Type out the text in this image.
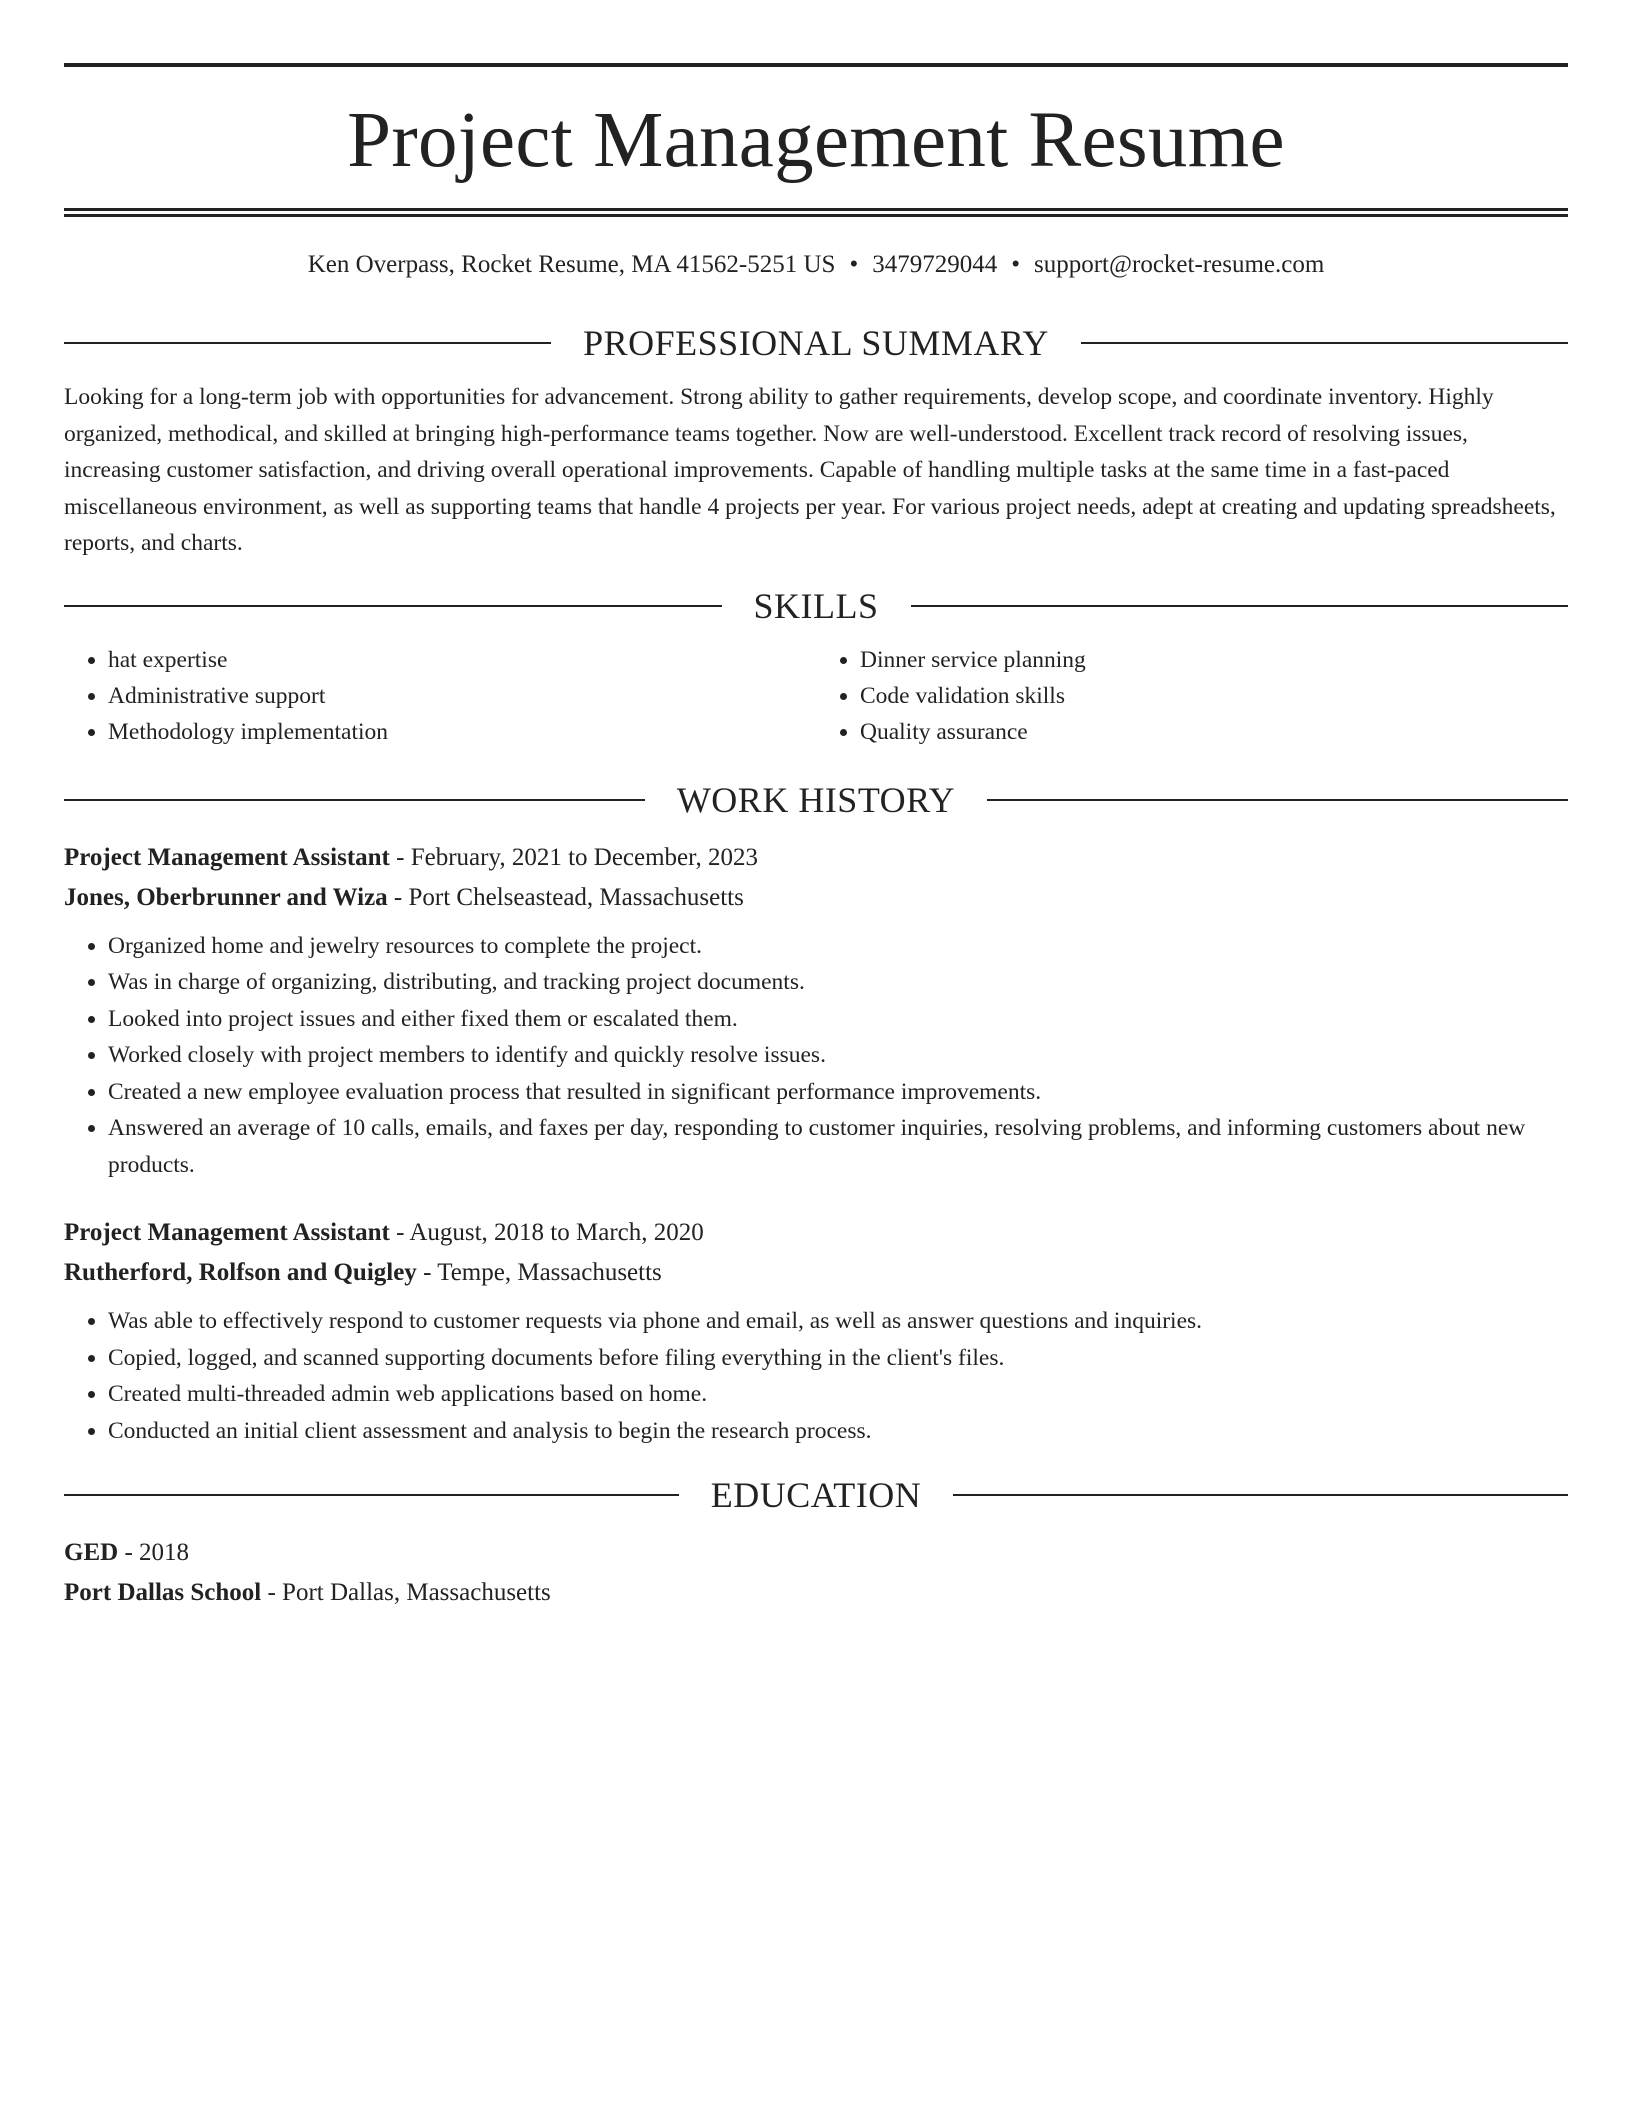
Project Management Resume
Ken Overpass, Rocket Resume, MA 41562-5251 US • 3479729044 • support@rocket-resume.com
PROFESSIONAL SUMMARY
Looking for a long-term job with opportunities for advancement. Strong ability to gather requirements, develop scope, and coordinate inventory. Highly organized, methodical, and skilled at bringing high-performance teams together. Now are well-understood. Excellent track record of resolving issues, increasing customer satisfaction, and driving overall operational improvements. Capable of handling multiple tasks at the same time in a fast-paced miscellaneous environment, as well as supporting teams that handle 4 projects per year. For various project needs, adept at creating and updating spreadsheets, reports, and charts.
SKILLS
• hat expertise
• Administrative support
• Methodology implementation
• Dinner service planning
• Code validation skills
• Quality assurance
WORK HISTORY
Project Management Assistant - February, 2021 to December, 2023
Jones, Oberbrunner and Wiza - Port Chelseastead, Massachusetts
• Organized home and jewelry resources to complete the project.
• Was in charge of organizing, distributing, and tracking project documents.
• Looked into project issues and either fixed them or escalated them.
• Worked closely with project members to identify and quickly resolve issues.
• Created a new employee evaluation process that resulted in significant performance improvements.
• Answered an average of 10 calls, emails, and faxes per day, responding to customer inquiries, resolving problems, and informing customers about new products.
Project Management Assistant - August, 2018 to March, 2020
Rutherford, Rolfson and Quigley - Tempe, Massachusetts
• Was able to effectively respond to customer requests via phone and email, as well as answer questions and inquiries.
• Copied, logged, and scanned supporting documents before filing everything in the client's files.
• Created multi-threaded admin web applications based on home.
• Conducted an initial client assessment and analysis to begin the research process.
EDUCATION
GED - 2018
Port Dallas School - Port Dallas, Massachusetts
